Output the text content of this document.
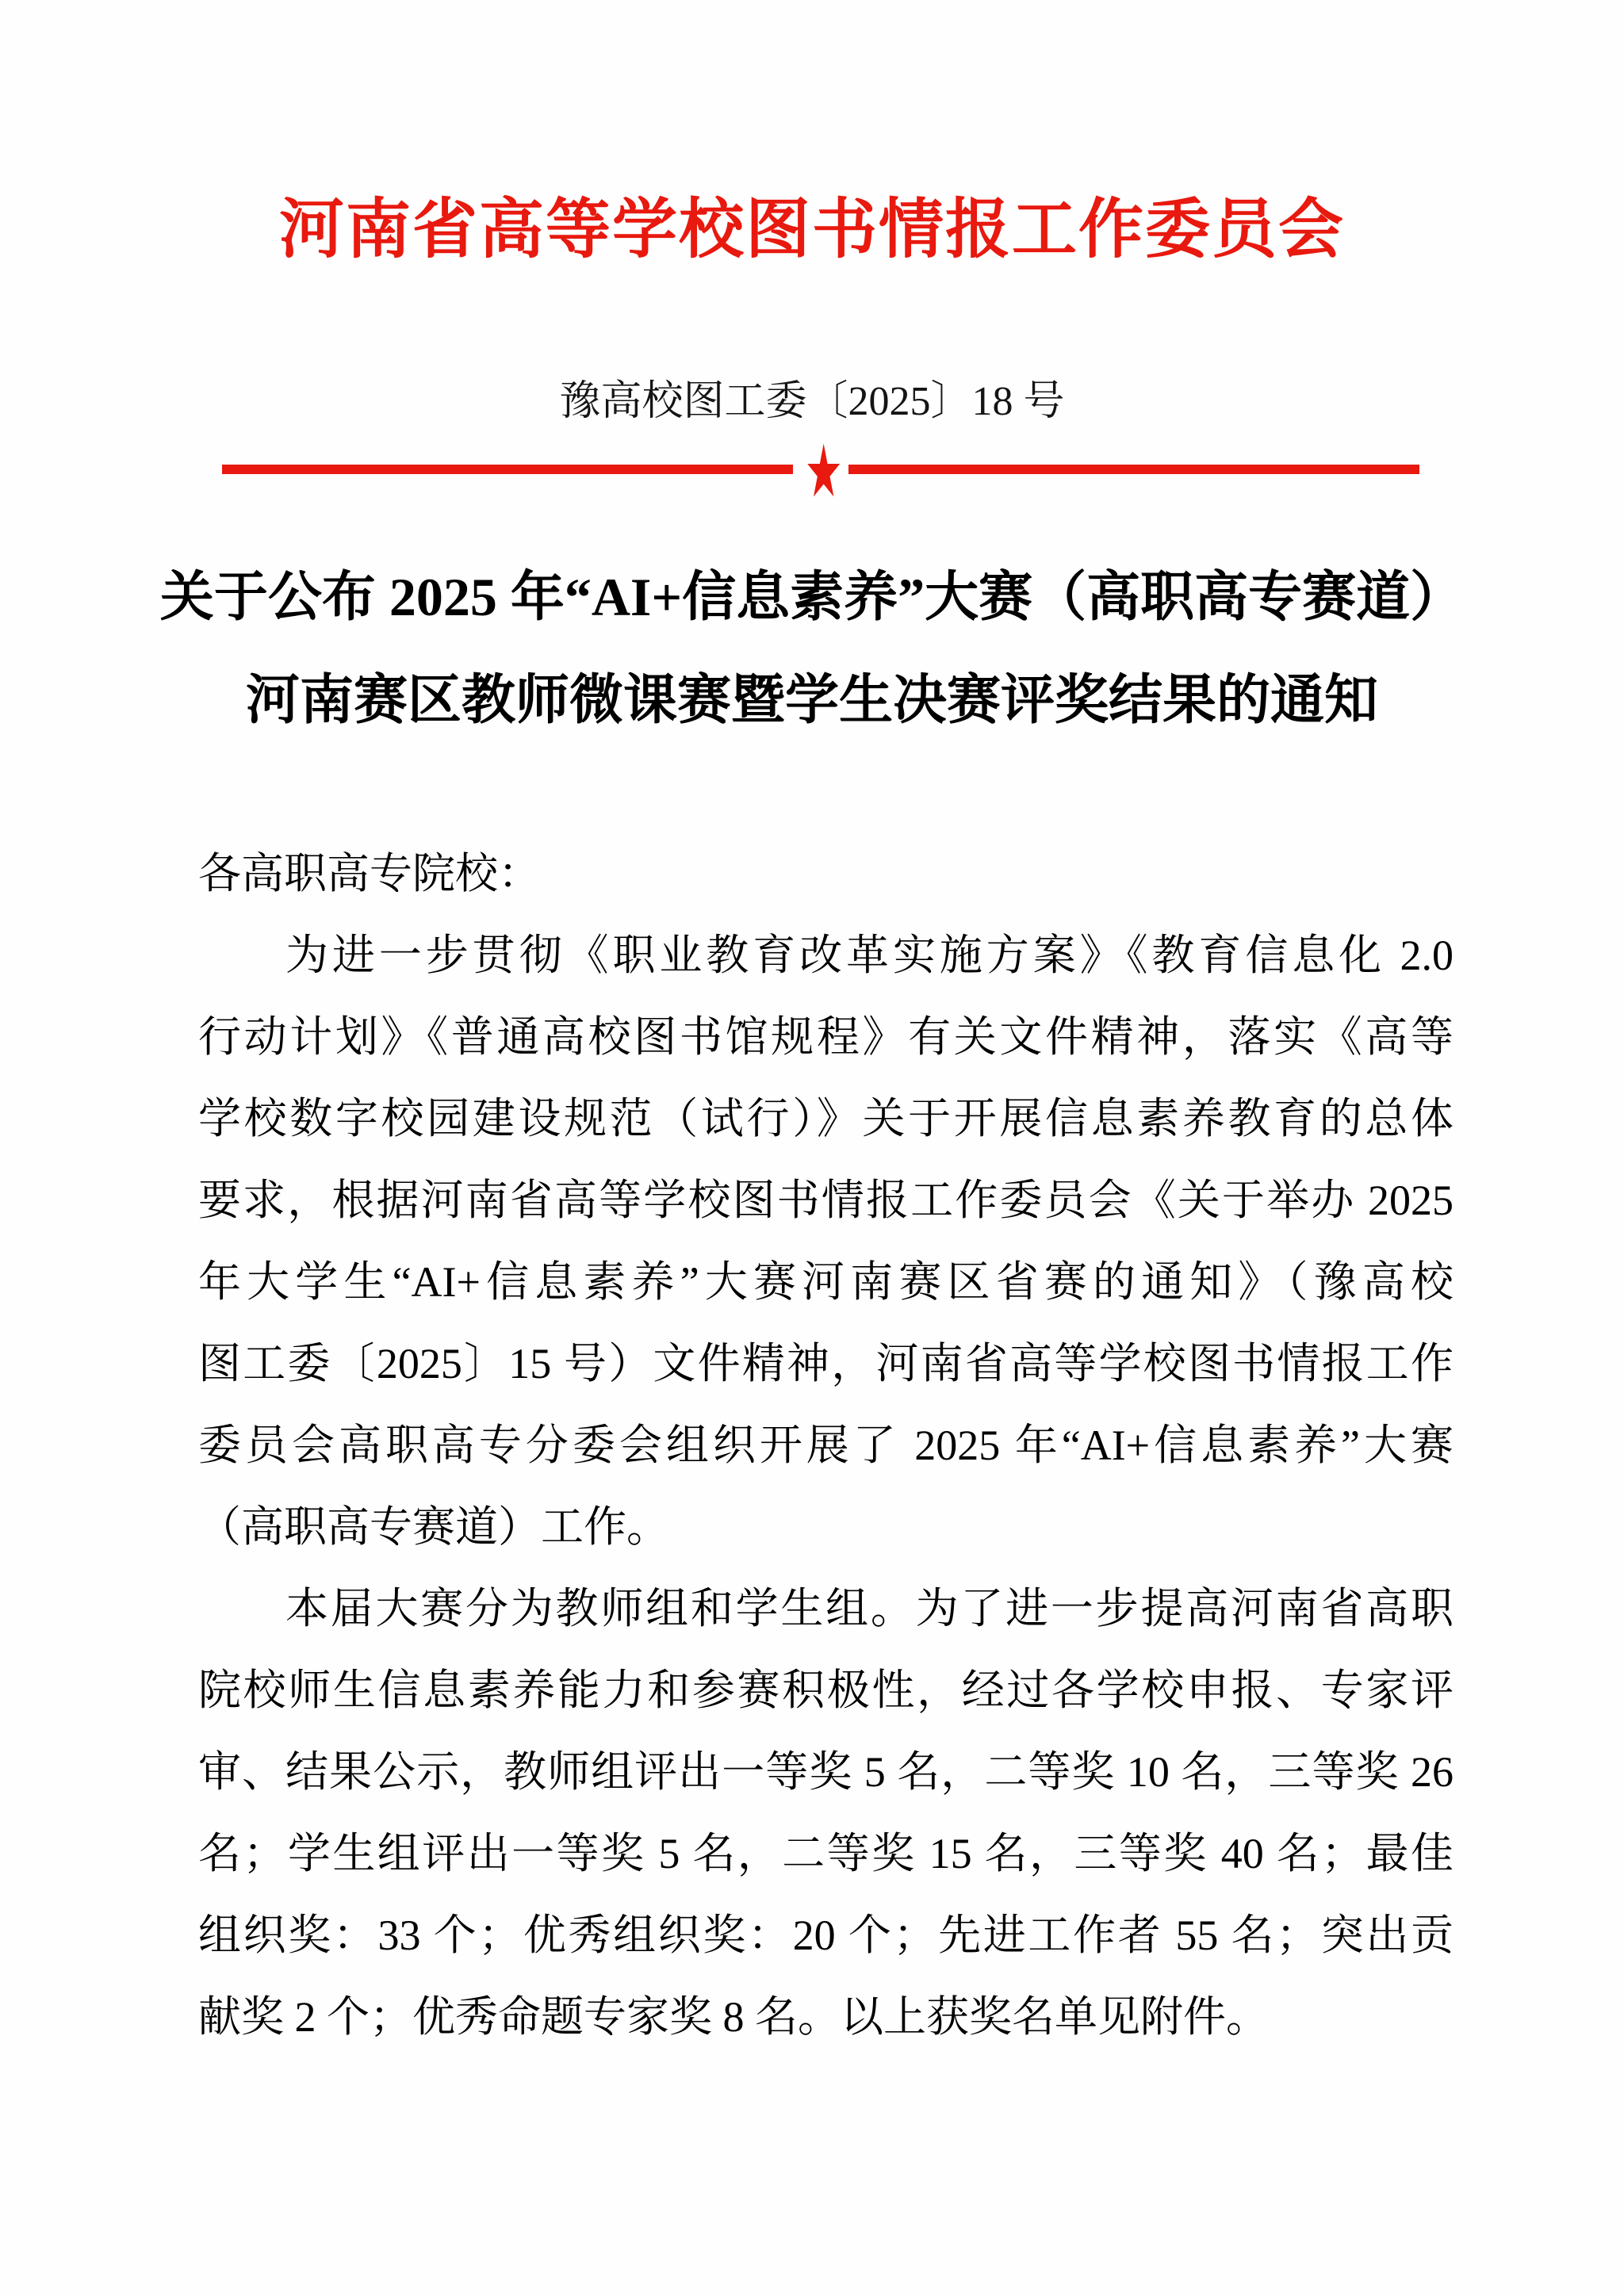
河南省高等学校图书情报工作委员会
豫高校图工委〔2025〕18 号
★
关于公布 2025 年“AI+信息素养”大赛（高职高专赛道）
河南赛区教师微课赛暨学生决赛评奖结果的通知
各高职高专院校：
为进一步贯彻《职业教育改革实施方案》《教育信息化 2.0
行动计划》《普通高校图书馆规程》有关文件精神，落实《高等
学校数字校园建设规范（试行）》关于开展信息素养教育的总体
要求，根据河南省高等学校图书情报工作委员会《关于举办 2025
年大学生“AI+信息素养”大赛河南赛区省赛的通知》（豫高校
图工委〔2025〕15 号）文件精神，河南省高等学校图书情报工作
委员会高职高专分委会组织开展了 2025 年“AI+信息素养”大赛
（高职高专赛道）工作。
本届大赛分为教师组和学生组。为了进一步提高河南省高职
院校师生信息素养能力和参赛积极性，经过各学校申报、专家评
审、结果公示，教师组评出一等奖 5 名，二等奖 10 名，三等奖 26
名；学生组评出一等奖 5 名，二等奖 15 名，三等奖 40 名；最佳
组织奖：33 个；优秀组织奖：20 个；先进工作者 55 名；突出贡
献奖 2 个；优秀命题专家奖 8 名。以上获奖名单见附件。
